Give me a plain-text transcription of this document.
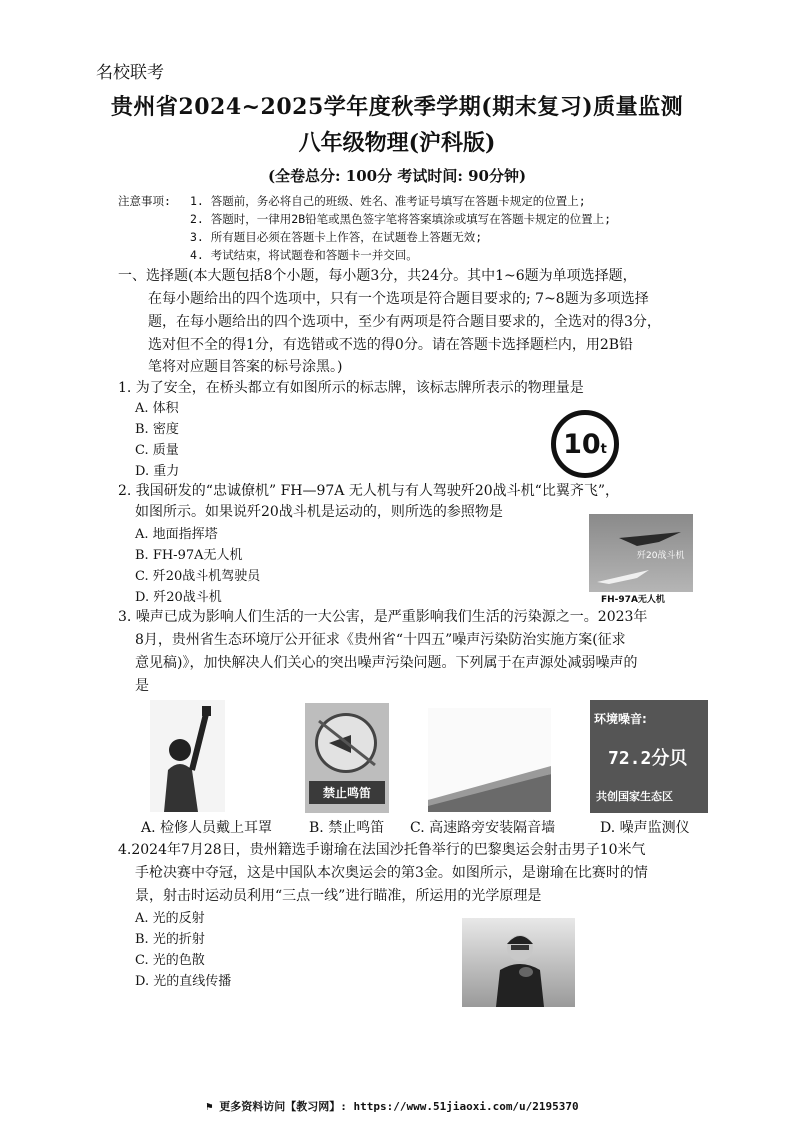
名校联考
贵州省2024~2025学年度秋季学期(期末复习)质量监测
八年级物理(沪科版)
(全卷总分: 100分 考试时间: 90分钟)
注意事项: 1. 答题前，务必将自己的班级、姓名、准考证号填写在答题卡规定的位置上;
2. 答题时，一律用2B铅笔或黑色签字笔将答案填涂或填写在答题卡规定的位置上;
3. 所有题目必须在答题卡上作答，在试题卷上答题无效;
4. 考试结束，将试题卷和答题卡一并交回。
一、选择题(本大题包括8个小题，每小题3分，共24分。其中1~6题为单项选择题，
在每小题给出的四个选项中，只有一个选项是符合题目要求的; 7~8题为多项选择
题，在每小题给出的四个选项中，至少有两项是符合题目要求的，全选对的得3分，
选对但不全的得1分，有选错或不选的得0分。请在答题卡选择题栏内，用2B铅
笔将对应题目答案的标号涂黑。)
1. 为了安全，在桥头都立有如图所示的标志牌，该标志牌所表示的物理量是
A. 体积
B. 密度
C. 质量
D. 重力
10t
2. 我国研发的“忠诚僚机” FH—97A 无人机与有人驾驶歼20战斗机“比翼齐飞”，
如图所示。如果说歼20战斗机是运动的，则所选的参照物是
A. 地面指挥塔
B. FH-97A无人机
C. 歼20战斗机驾驶员
D. 歼20战斗机
歼20战斗机
FH-97A无人机
3. 噪声已成为影响人们生活的一大公害，是严重影响我们生活的污染源之一。2023年
8月，贵州省生态环境厅公开征求《贵州省“十四五”噪声污染防治实施方案(征求
意见稿)》，加快解决人们关心的突出噪声污染问题。下列属于在声源处减弱噪声的
是
禁止鸣笛
环境噪音:
72.2分贝
共创国家生态区
A. 检修人员戴上耳罩	B. 禁止鸣笛 C. 高速路旁安装隔音墙	D. 噪声监测仪
4.2024年7月28日，贵州籍选手谢瑜在法国沙托鲁举行的巴黎奥运会射击男子10米气
手枪决赛中夺冠，这是中国队本次奥运会的第3金。如图所示，是谢瑜在比赛时的情
景，射击时运动员利用“三点一线”进行瞄准，所运用的光学原理是
A. 光的反射
B. 光的折射
C. 光的色散
D. 光的直线传播
⚑ 更多资料访问【教习网】: https://www.51jiaoxi.com/u/2195370
